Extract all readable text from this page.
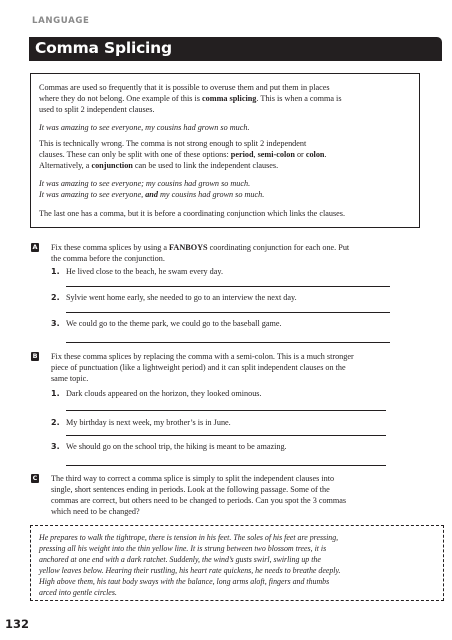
LANGUAGE
Comma Splicing
Commas are used so frequently that it is possible to overuse them and put them in places
where they do not belong. One example of this is comma splicing. This is when a comma is
used to split 2 independent clauses.
It was amazing to see everyone, my cousins had grown so much.
This is technically wrong. The comma is not strong enough to split 2 independent
clauses. These can only be split with one of these options: period, semi-colon or colon.
Alternatively, a conjunction can be used to link the independent clauses.
It was amazing to see everyone; my cousins had grown so much.
It was amazing to see everyone, and my cousins had grown so much.
The last one has a comma, but it is before a coordinating conjunction which links the clauses.
A Fix these comma splices by using a FANBOYS coordinating conjunction for each one. Put
the comma before the conjunction.
1. He lived close to the beach, he swam every day.
2. Sylvie went home early, she needed to go to an interview the next day.
3. We could go to the theme park, we could go to the baseball game.
B Fix these comma splices by replacing the comma with a semi-colon. This is a much stronger
piece of punctuation (like a lightweight period) and it can split independent clauses on the
same topic.
1. Dark clouds appeared on the horizon, they looked ominous.
2. My birthday is next week, my brother’s is in June.
3. We should go on the school trip, the hiking is meant to be amazing.
C The third way to correct a comma splice is simply to split the independent clauses into
single, short sentences ending in periods. Look at the following passage. Some of the
commas are correct, but others need to be changed to periods. Can you spot the 3 commas
which need to be changed?
He prepares to walk the tightrope, there is tension in his feet. The soles of his feet are pressing,
pressing all his weight into the thin yellow line. It is strung between two blossom trees, it is
anchored at one end with a dark ratchet. Suddenly, the wind’s gusts swirl, swirling up the
yellow leaves below. Hearing their rustling, his heart rate quickens, he needs to breathe deeply.
High above them, his taut body sways with the balance, long arms aloft, fingers and thumbs
arced into gentle circles.
132
